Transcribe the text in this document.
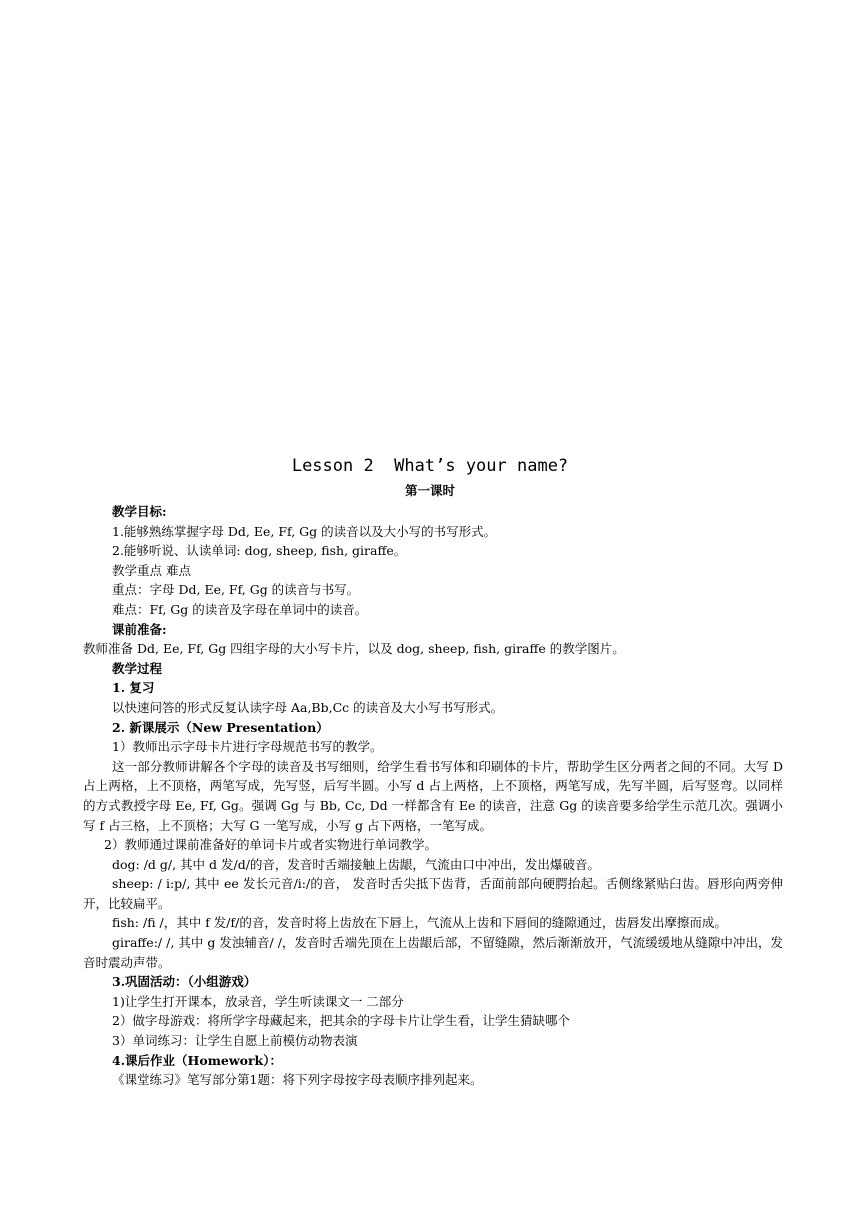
Lesson 2  What’s your name?
第一课时
教学目标:
1.能够熟练掌握字母 Dd, Ee, Ff, Gg 的读音以及大小写的书写形式。
2.能够听说、认读单词: dog, sheep, fish, giraffe。
教学重点 难点
重点：字母 Dd, Ee, Ff, Gg 的读音与书写。
难点：Ff, Gg 的读音及字母在单词中的读音。
课前准备:
教师准备 Dd, Ee, Ff, Gg 四组字母的大小写卡片，以及 dog, sheep, fish, giraffe 的教学图片。
教学过程
1. 复习
以快速问答的形式反复认读字母 Aa,Bb,Cc 的读音及大小写书写形式。
2. 新课展示（New Presentation）
1）教师出示字母卡片进行字母规范书写的教学。
这一部分教师讲解各个字母的读音及书写细则，给学生看书写体和印刷体的卡片，帮助学生区分两者之间的不同。大写 D 占上两格，上不顶格，两笔写成，先写竖，后写半圆。小写 d 占上两格，上不顶格，两笔写成，先写半圆，后写竖弯。以同样的方式教授字母 Ee, Ff, Gg。强调 Gg 与 Bb, Cc, Dd 一样都含有 Ee 的读音，注意 Gg 的读音要多给学生示范几次。强调小写 f 占三格，上不顶格；大写 G 一笔写成，小写 g 占下两格，一笔写成。
2）教师通过课前准备好的单词卡片或者实物进行单词教学。
dog: /d g/, 其中 d 发/d/的音，发音时舌端接触上齿龈，气流由口中冲出，发出爆破音。
sheep: / i:p/, 其中 ee 发长元音/i:/的音， 发音时舌尖抵下齿背，舌面前部向硬腭抬起。舌侧缘紧贴臼齿。唇形向两旁伸开，比较扁平。
fish: /fi /，其中 f 发/f/的音，发音时将上齿放在下唇上，气流从上齿和下唇间的缝隙通过，齿唇发出摩擦而成。
giraffe:/ /, 其中 g 发浊辅音/ /，发音时舌端先顶在上齿龈后部，不留缝隙，然后渐渐放开，气流缓缓地从缝隙中冲出，发音时震动声带。
3.巩固活动：（小组游戏）
1)让学生打开课本，放录音，学生听读课文一 二部分
2）做字母游戏：将所学字母藏起来，把其余的字母卡片让学生看，让学生猜缺哪个
3）单词练习：让学生自愿上前模仿动物表演
4.课后作业（Homework）：
《课堂练习》笔写部分第1题：将下列字母按字母表顺序排列起来。
